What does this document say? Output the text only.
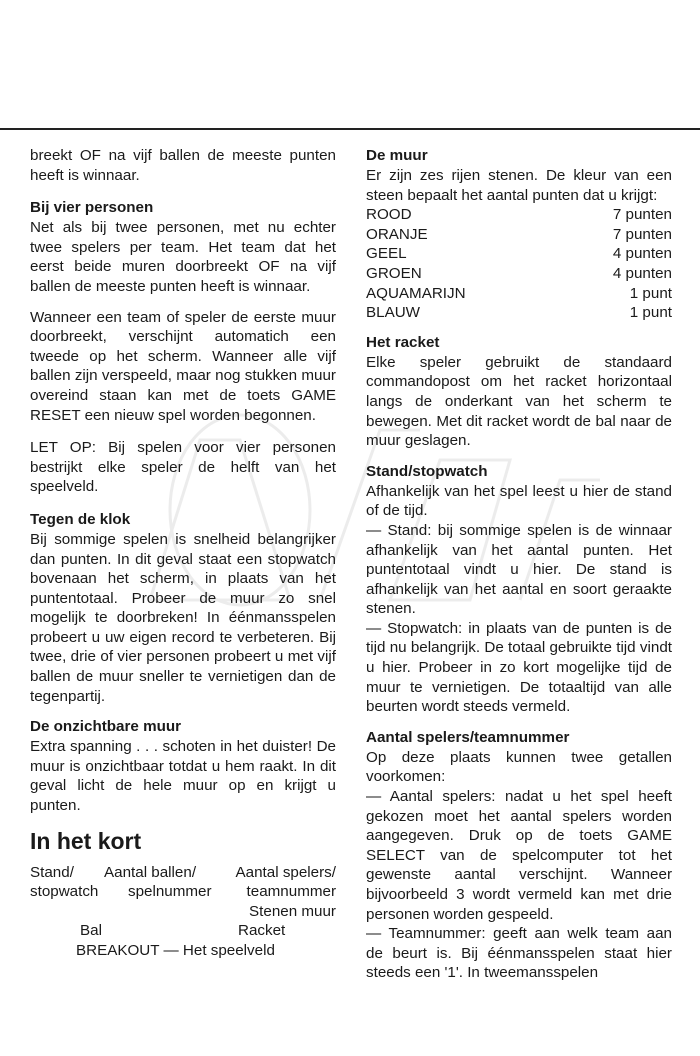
breekt OF na vijf ballen de meeste punten heeft is winnaar.

Bij vier personen

Net als bij twee personen, met nu echter twee spelers per team. Het team dat het eerst beide muren doorbreekt OF na vijf ballen de meeste punten heeft is winnaar.

Wanneer een team of speler de eerste muur doorbreekt, verschijnt automatich een tweede op het scherm. Wanneer alle vijf ballen zijn verspeeld, maar nog stukken muur overeind staan kan met de toets GAME RESET een nieuw spel worden begonnen.

LET OP: Bij spelen voor vier personen bestrijkt elke speler de helft van het speelveld.

Tegen de klok

Bij sommige spelen is snelheid belangrijker dan punten. In dit geval staat een stopwatch bovenaan het scherm, in plaats van het puntentotaal. Probeer de muur zo snel mogelijk te doorbreken! In éénmansspelen probeert u uw eigen record te verbeteren. Bij twee, drie of vier personen probeert u met vijf ballen de muur sneller te vernietigen dan de tegenpartij.

De onzichtbare muur

Extra spanning . . . schoten in het duister! De muur is onzichtbaar totdat u hem raakt. In dit geval licht de hele muur op en krijgt u punten.

In het kort
Stand/
stopwatch
Aantal ballen/
spelnummer
Aantal spelers/
teamnummer
Stenen muur
Bal	Racket
BREAKOUT — Het speelveld
De muur

Er zijn zes rijen stenen. De kleur van een steen bepaalt het aantal punten dat u krijgt:

ROOD	7 punten
ORANJE	7 punten
GEEL	4 punten
GROEN	4 punten
AQUAMARIJN	1 punt
BLAUW	1 punt
Het racket

Elke speler gebruikt de standaard commandopost om het racket horizontaal langs de onderkant van het scherm te bewegen. Met dit racket wordt de bal naar de muur geslagen.

Stand/stopwatch

Afhankelijk van het spel leest u hier de stand of de tijd.

— Stand: bij sommige spelen is de winnaar afhankelijk van het aantal punten. Het puntentotaal vindt u hier. De stand is afhankelijk van het aantal en soort geraakte stenen.

— Stopwatch: in plaats van de punten is de tijd nu belangrijk. De totaal gebruikte tijd vindt u hier. Probeer in zo kort mogelijke tijd de muur te vernietigen. De totaaltijd van alle beurten wordt steeds vermeld.

Aantal spelers/teamnummer

Op deze plaats kunnen twee getallen voorkomen:

— Aantal spelers: nadat u het spel heeft gekozen moet het aantal spelers worden aangegeven. Druk op de toets GAME SELECT van de spelcomputer tot het gewenste aantal verschijnt. Wanneer bijvoorbeeld 3 wordt vermeld kan met drie personen worden gespeeld.

— Teamnummer: geeft aan welk team aan de beurt is. Bij éénmansspelen staat hier steeds een '1'. In tweemansspelen
